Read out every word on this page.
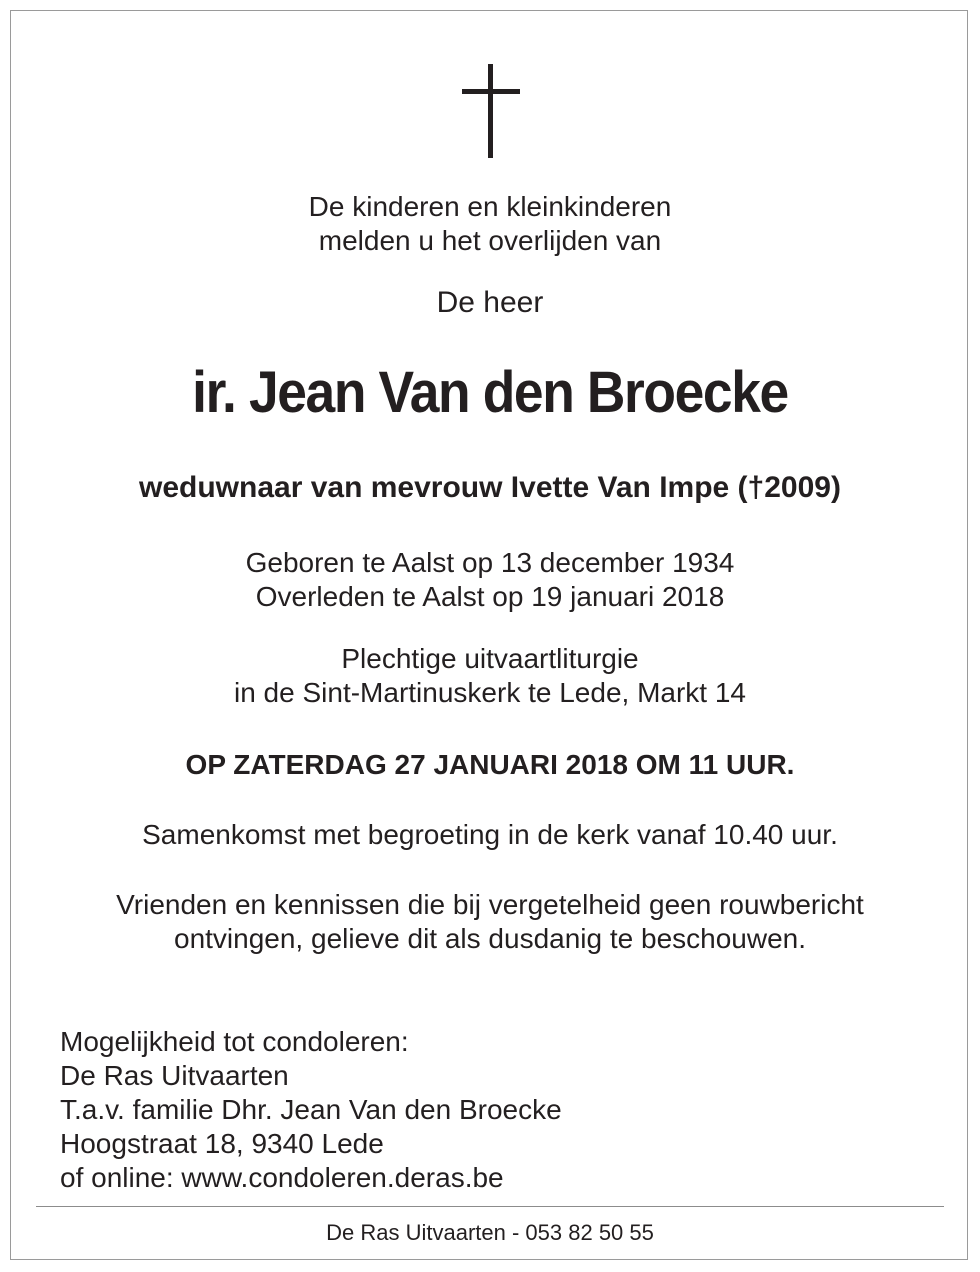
De kinderen en kleinkinderen
melden u het overlijden van
De heer
ir. Jean Van den Broecke
weduwnaar van mevrouw Ivette Van Impe (†2009)
Geboren te Aalst op 13 december 1934
Overleden te Aalst op 19 januari 2018
Plechtige uitvaartliturgie
in de Sint-Martinuskerk te Lede, Markt 14
OP ZATERDAG 27 JANUARI 2018 OM 11 UUR.
Samenkomst met begroeting in de kerk vanaf 10.40 uur.
Vrienden en kennissen die bij vergetelheid geen rouwbericht
ontvingen, gelieve dit als dusdanig te beschouwen.
Mogelijkheid tot condoleren:
De Ras Uitvaarten
T.a.v. familie Dhr. Jean Van den Broecke
Hoogstraat 18, 9340 Lede
of online: www.condoleren.deras.be
De Ras Uitvaarten - 053 82 50 55
